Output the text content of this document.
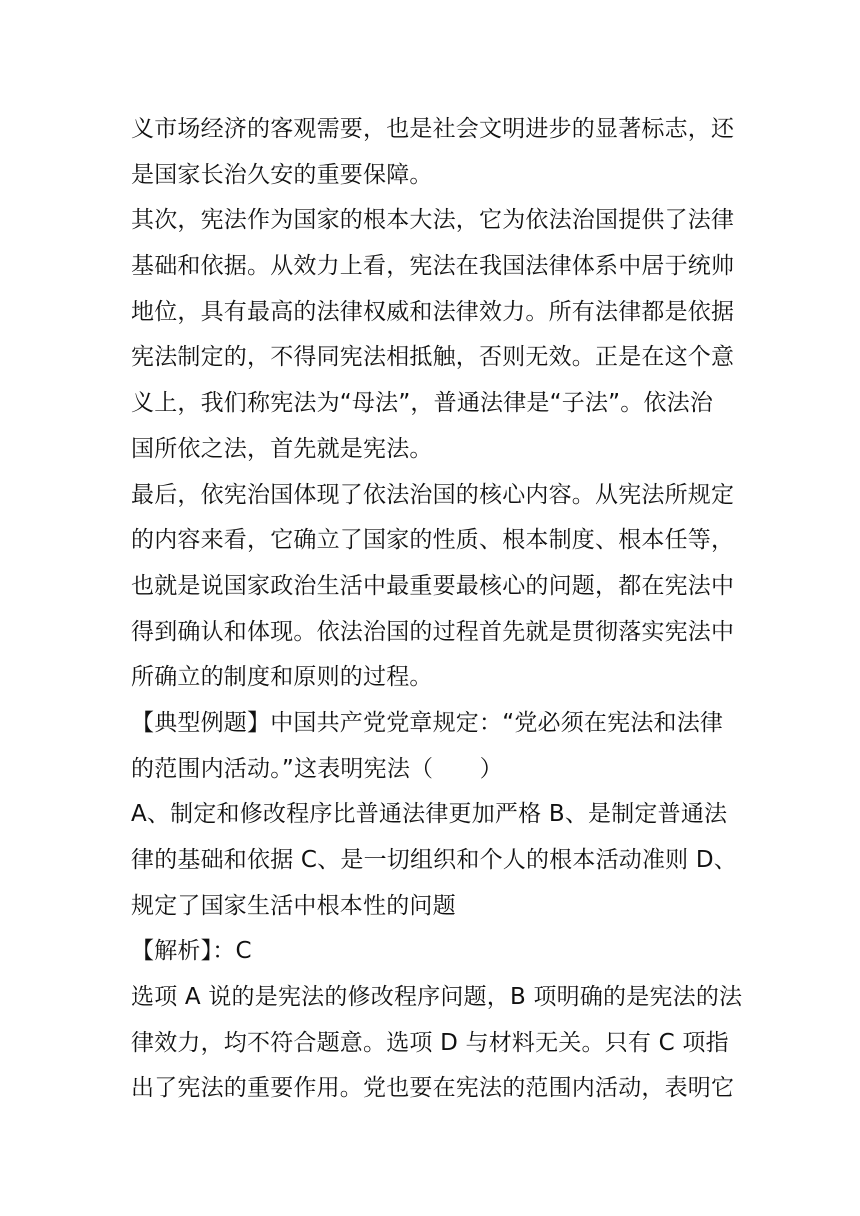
义市场经济的客观需要，也是社会文明进步的显著标志，还
是国家长治久安的重要保障。
其次，宪法作为国家的根本大法，它为依法治国提供了法律
基础和依据。从效力上看，宪法在我国法律体系中居于统帅
地位，具有最高的法律权威和法律效力。所有法律都是依据
宪法制定的，不得同宪法相抵触，否则无效。正是在这个意
义上，我们称宪法为“母法”，普通法律是“子法”。依法治
国所依之法，首先就是宪法。
最后，依宪治国体现了依法治国的核心内容。从宪法所规定
的内容来看，它确立了国家的性质、根本制度、根本任等，
也就是说国家政治生活中最重要最核心的问题，都在宪法中
得到确认和体现。依法治国的过程首先就是贯彻落实宪法中
所确立的制度和原则的过程。
【典型例题】中国共产党党章规定：“党必须在宪法和法律
的范围内活动。”这表明宪法（　　）
A、制定和修改程序比普通法律更加严格 B、是制定普通法
律的基础和依据 C、是一切组织和个人的根本活动准则 D、
规定了国家生活中根本性的问题
【解析】：C
选项 A 说的是宪法的修改程序问题，B 项明确的是宪法的法
律效力，均不符合题意。选项 D 与材料无关。只有 C 项指
出了宪法的重要作用。党也要在宪法的范围内活动，表明它
